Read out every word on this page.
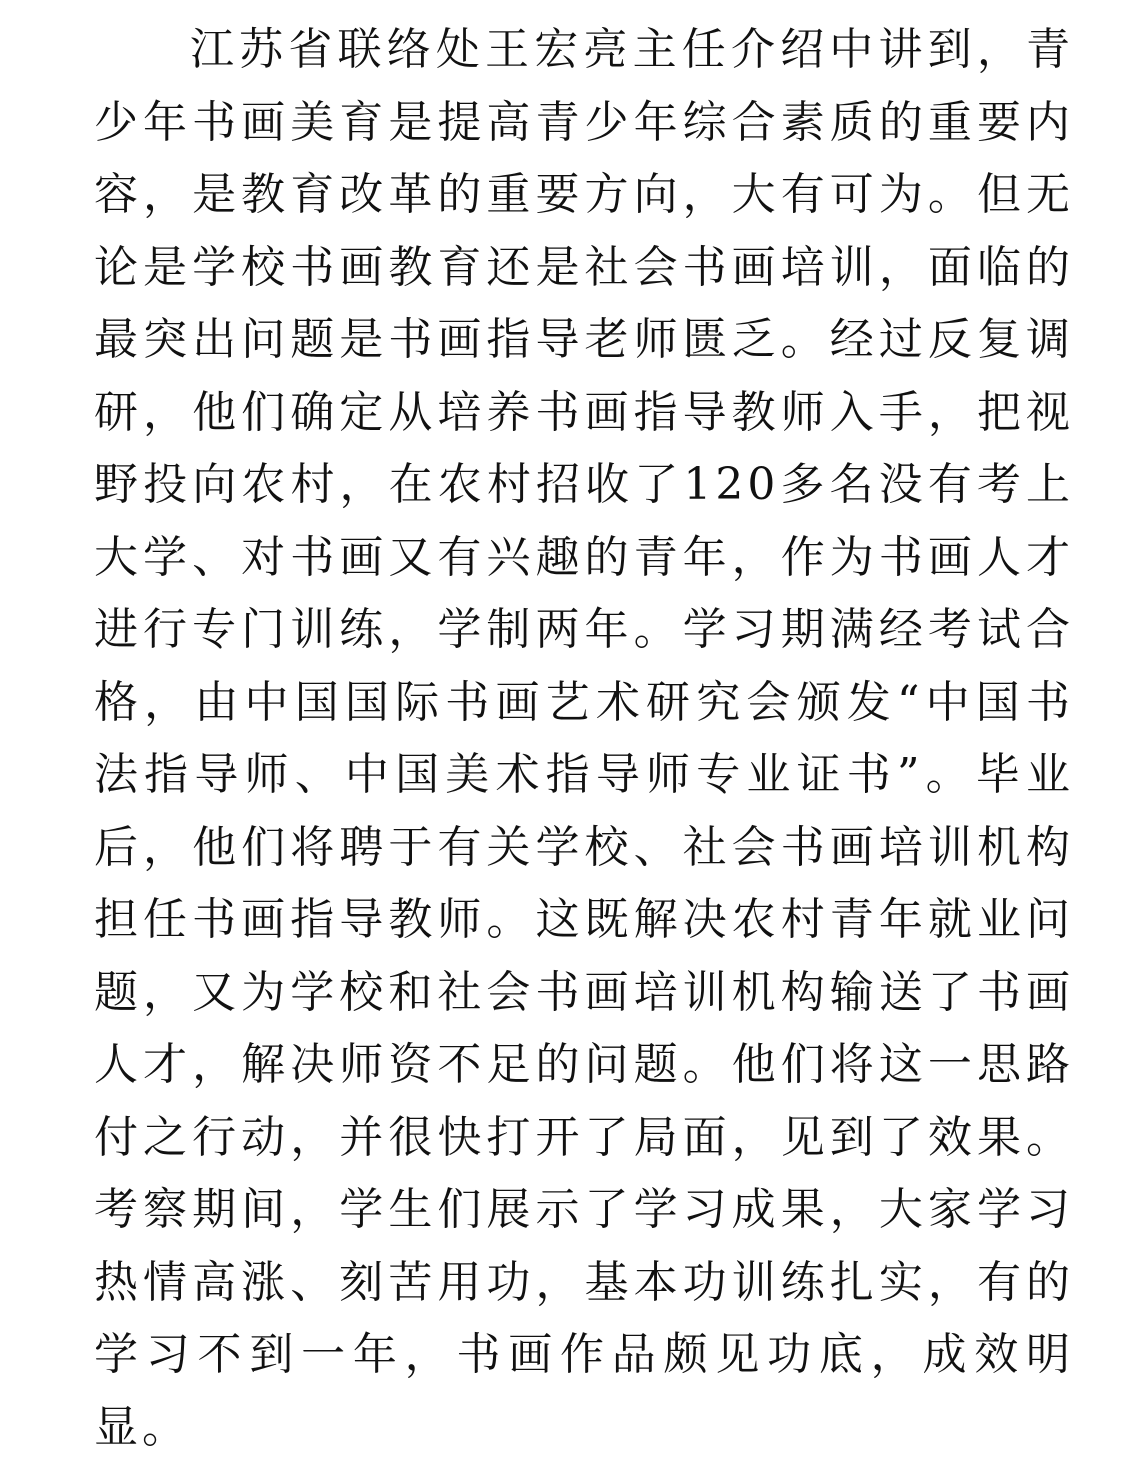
江苏省联络处王宏亮主任介绍中讲到，青少年书画美育是提高青少年综合素质的重要内容，是教育改革的重要方向，大有可为。但无论是学校书画教育还是社会书画培训，面临的最突出问题是书画指导老师匮乏。经过反复调研，他们确定从培养书画指导教师入手，把视野投向农村，在农村招收了120多名没有考上大学、对书画又有兴趣的青年，作为书画人才进行专门训练，学制两年。学习期满经考试合格，由中国国际书画艺术研究会颁发“中国书法指导师、中国美术指导师专业证书”。毕业后，他们将聘于有关学校、社会书画培训机构担任书画指导教师。这既解决农村青年就业问题，又为学校和社会书画培训机构输送了书画人才，解决师资不足的问题。他们将这一思路付之行动，并很快打开了局面，见到了效果。考察期间，学生们展示了学习成果，大家学习热情高涨、刻苦用功，基本功训练扎实，有的学习不到一年，书画作品颇见功底，成效明显。
